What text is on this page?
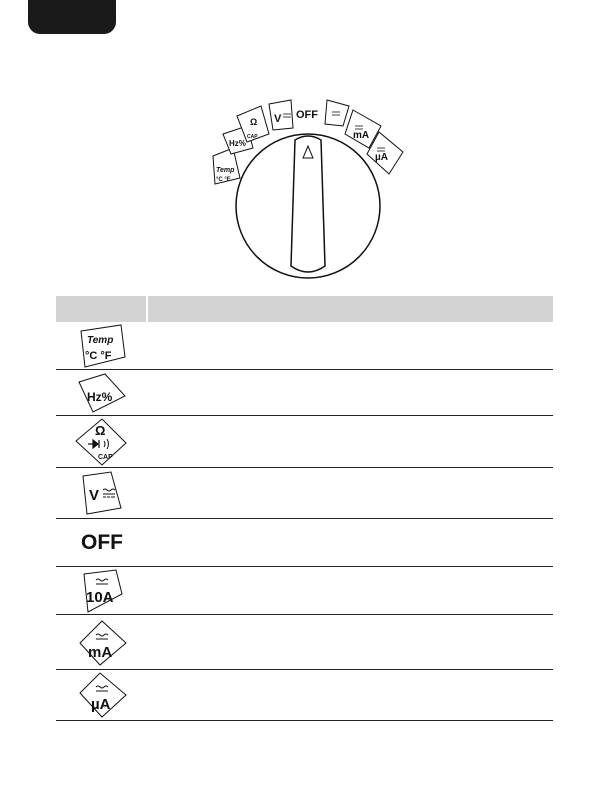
Temp
°C °F
Hz%
Ω
CAP
V OFF
mA
µA
Temp
°C °F
Hz%
Ω
CAP
V
OFF
10A
mA
µA
